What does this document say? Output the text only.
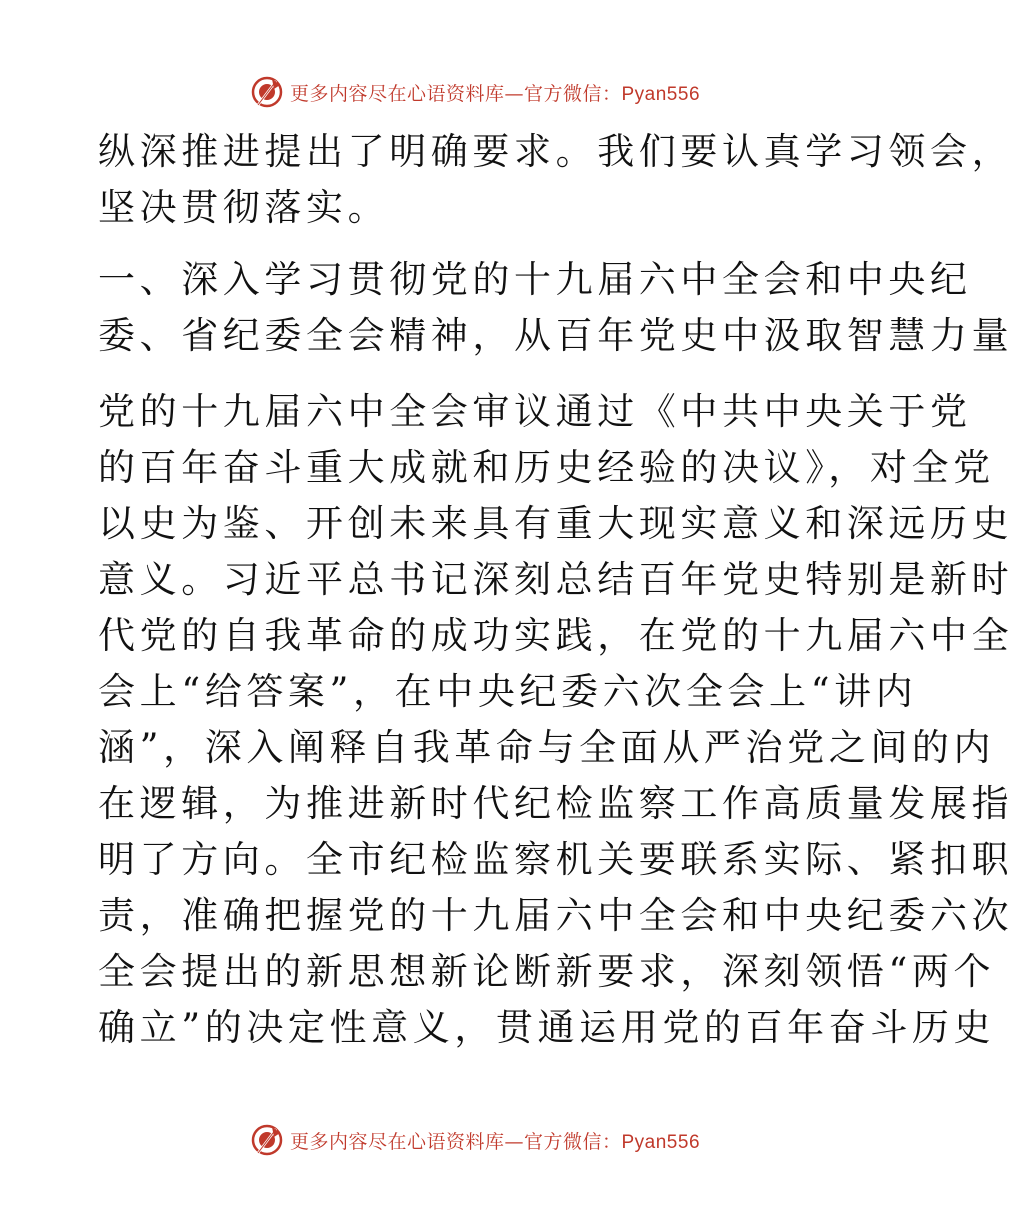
更多内容尽在心语资料库—官方微信：Pyan556
纵深推进提出了明确要求。我们要认真学习领会，
坚决贯彻落实。
一、深入学习贯彻党的十九届六中全会和中央纪
委、省纪委全会精神，从百年党史中汲取智慧力量
党的十九届六中全会审议通过《中共中央关于党
的百年奋斗重大成就和历史经验的决议》，对全党
以史为鉴、开创未来具有重大现实意义和深远历史
意义。习近平总书记深刻总结百年党史特别是新时
代党的自我革命的成功实践，在党的十九届六中全
会上“给答案”，在中央纪委六次全会上“讲内
涵”，深入阐释自我革命与全面从严治党之间的内
在逻辑，为推进新时代纪检监察工作高质量发展指
明了方向。全市纪检监察机关要联系实际、紧扣职
责，准确把握党的十九届六中全会和中央纪委六次
全会提出的新思想新论断新要求，深刻领悟“两个
确立”的决定性意义，贯通运用党的百年奋斗历史
更多内容尽在心语资料库—官方微信：Pyan556
